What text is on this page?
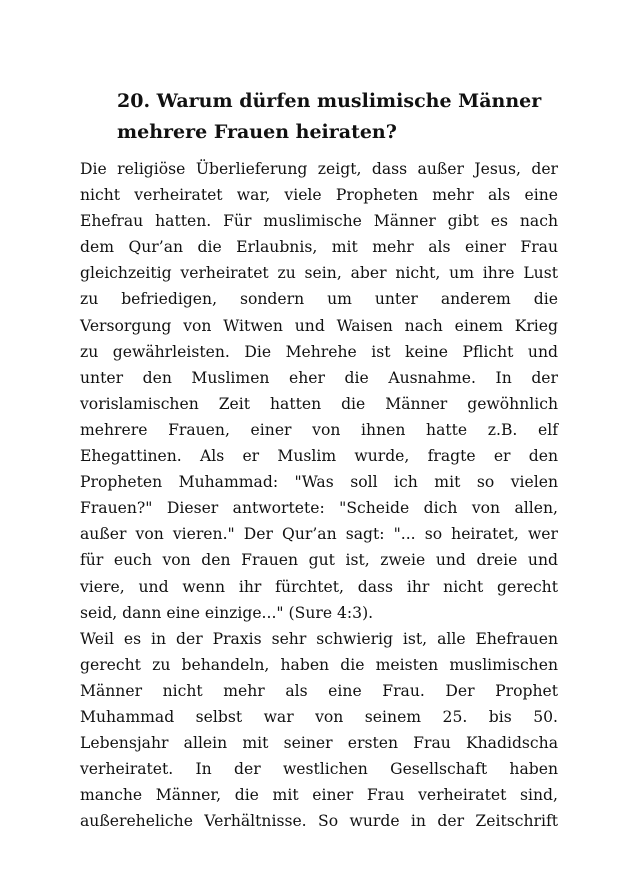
20. Warum dürfen muslimische Männer
mehrere Frauen heiraten?
Die religiöse Überlieferung zeigt, dass außer Jesus, der
nicht verheiratet war, viele Propheten mehr als eine
Ehefrau hatten. Für muslimische Männer gibt es nach
dem Qur’an die Erlaubnis, mit mehr als einer Frau
gleichzeitig verheiratet zu sein, aber nicht, um ihre Lust
zu befriedigen, sondern um unter anderem die
Versorgung von Witwen und Waisen nach einem Krieg
zu gewährleisten. Die Mehrehe ist keine Pflicht und
unter den Muslimen eher die Ausnahme. In der
vorislamischen Zeit hatten die Männer gewöhnlich
mehrere Frauen, einer von ihnen hatte z.B. elf
Ehegattinen. Als er Muslim wurde, fragte er den
Propheten Muhammad: "Was soll ich mit so vielen
Frauen?" Dieser antwortete: "Scheide dich von allen,
außer von vieren." Der Qur’an sagt: "... so heiratet, wer
für euch von den Frauen gut ist, zweie und dreie und
viere, und wenn ihr fürchtet, dass ihr nicht gerecht
seid, dann eine einzige..." (Sure 4:3).
Weil es in der Praxis sehr schwierig ist, alle Ehefrauen
gerecht zu behandeln, haben die meisten muslimischen
Männer nicht mehr als eine Frau. Der Prophet
Muhammad selbst war von seinem 25. bis 50.
Lebensjahr allein mit seiner ersten Frau Khadidscha
verheiratet. In der westlichen Gesellschaft haben
manche Männer, die mit einer Frau verheiratet sind,
außereheliche Verhältnisse. So wurde in der Zeitschrift
